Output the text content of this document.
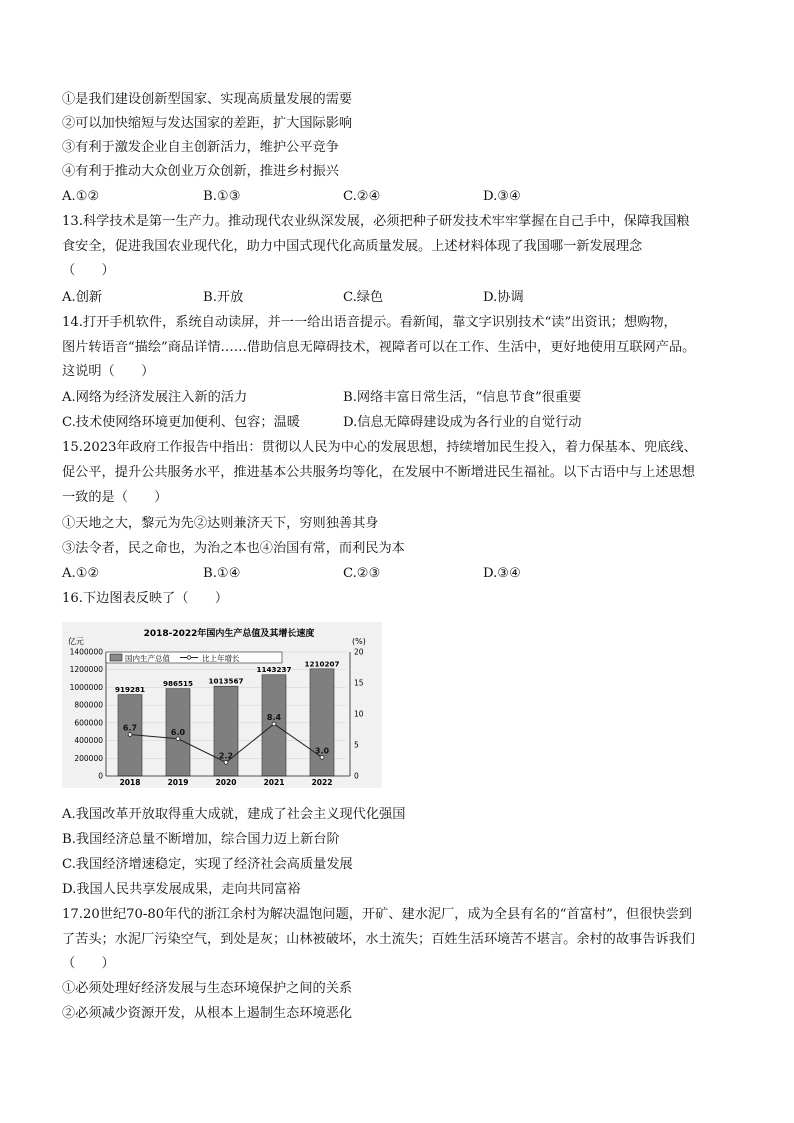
①是我们建设创新型国家、实现高质量发展的需要
②可以加快缩短与发达国家的差距，扩大国际影响
③有利于激发企业自主创新活力，维护公平竞争
④有利于推动大众创业万众创新，推进乡村振兴
A.①②	B.①③	C.②④	D.③④
13.科学技术是第一生产力。推动现代农业纵深发展，必须把种子研发技术牢牢掌握在自己手中，保障我国粮
食安全，促进我国农业现代化，助力中国式现代化高质量发展。上述材料体现了我国哪一新发展理念
（　　）
A.创新	B.开放	C.绿色	D.协调
14.打开手机软件，系统自动读屏，并一一给出语音提示。看新闻，靠文字识别技术“读”出资讯；想购物，
图片转语音“描绘”商品详情……借助信息无障碍技术，视障者可以在工作、生活中，更好地使用互联网产品。
这说明（　　）
A.网络为经济发展注入新的活力	B.网络丰富日常生活，“信息节食”很重要
C.技术使网络环境更加便利、包容；温暖	D.信息无障碍建设成为各行业的自觉行动
15.2023年政府工作报告中指出：贯彻以人民为中心的发展思想，持续增加民生投入，着力保基本、兜底线、
促公平，提升公共服务水平，推进基本公共服务均等化，在发展中不断增进民生福祉。以下古语中与上述思想
一致的是（　　）
①天地之大，黎元为先②达则兼济天下，穷则独善其身
③法令者，民之命也，为治之本也④治国有常，而利民为本
A.①②	B.①④	C.②③	D.③④
16.下边图表反映了（　　）
2018-2022年国内生产总值及其增长速度
亿元	(%)
919281
986515 1013567
1143237
1210207
6.7	6.0
2.2
8.4
3.0
0
200000
400000
600000
800000
1000000
1200000
1400000
0
5
10
15
20
2018	2019	2020	2021	2022
国内生产总值	比上年增长
A.我国改革开放取得重大成就，建成了社会主义现代化强国
B.我国经济总量不断增加，综合国力迈上新台阶
C.我国经济增速稳定，实现了经济社会高质量发展
D.我国人民共享发展成果，走向共同富裕
17.20世纪70-80年代的浙江余村为解决温饱问题，开矿、建水泥厂，成为全县有名的“首富村”，但很快尝到
了苦头；水泥厂污染空气，到处是灰；山林被破坏，水土流失；百姓生活环境苦不堪言。余村的故事告诉我们
（　　）
①必须处理好经济发展与生态环境保护之间的关系
②必须减少资源开发，从根本上遏制生态环境恶化
